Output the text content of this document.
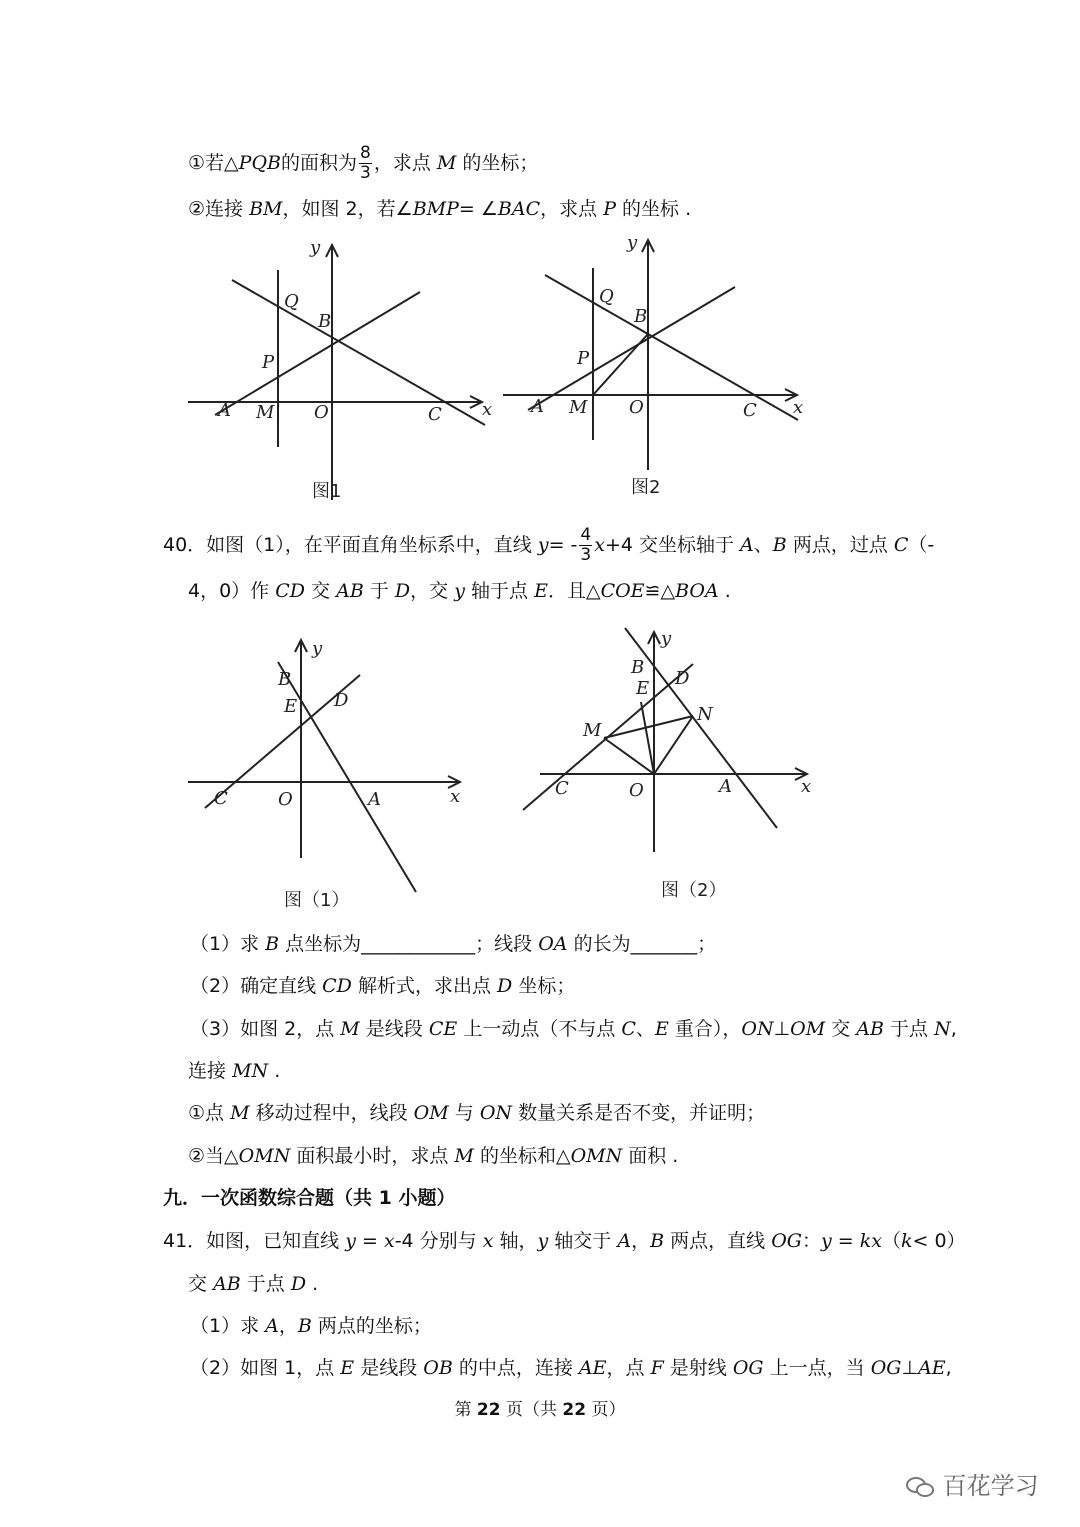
①若△PQB的面积为 $\frac{8}{3}$ ，求点 M 的坐标；
②连接 BM，如图 2，若∠BMP= ∠BAC，求点 P 的坐标 .
y
x
Q
B
P
A M O	C
图1
y
x
Q
B
P
A M O	C
图2
40．如图（1），在平面直角坐标系中，直线 $y= - \frac{4}{3} x+4$ 交坐标轴于 A、B 两点，过点 C（-
4，0）作 CD 交 AB 于 D，交 y 轴于点 E．且△COE≌△BOA .
y
x
B
E D
C	O	A
图（1）
y
x
B
E D
N
M
C	O	A
图（2）
（1）求 B 点坐标为____________；线段 OA 的长为_______；
（2）确定直线 CD 解析式，求出点 D 坐标；
（3）如图 2，点 M 是线段 CE 上一动点（不与点 C、E 重合），ON⊥OM 交 AB 于点 N,
连接 MN .
①点 M 移动过程中，线段 OM 与 ON 数量关系是否不变，并证明；
②当△OMN 面积最小时，求点 M 的坐标和△OMN 面积 .
九．一次函数综合题（共 1 小题）
41．如图，已知直线 y = x-4 分别与 x 轴，y 轴交于 A，B 两点，直线 OG：y = kx（k< 0）
交 AB 于点 D .
（1）求 A，B 两点的坐标；
（2）如图 1，点 E 是线段 OB 的中点，连接 AE，点 F 是射线 OG 上一点，当 OG⊥AE,
第 22 页（共 22 页）
百花学习
